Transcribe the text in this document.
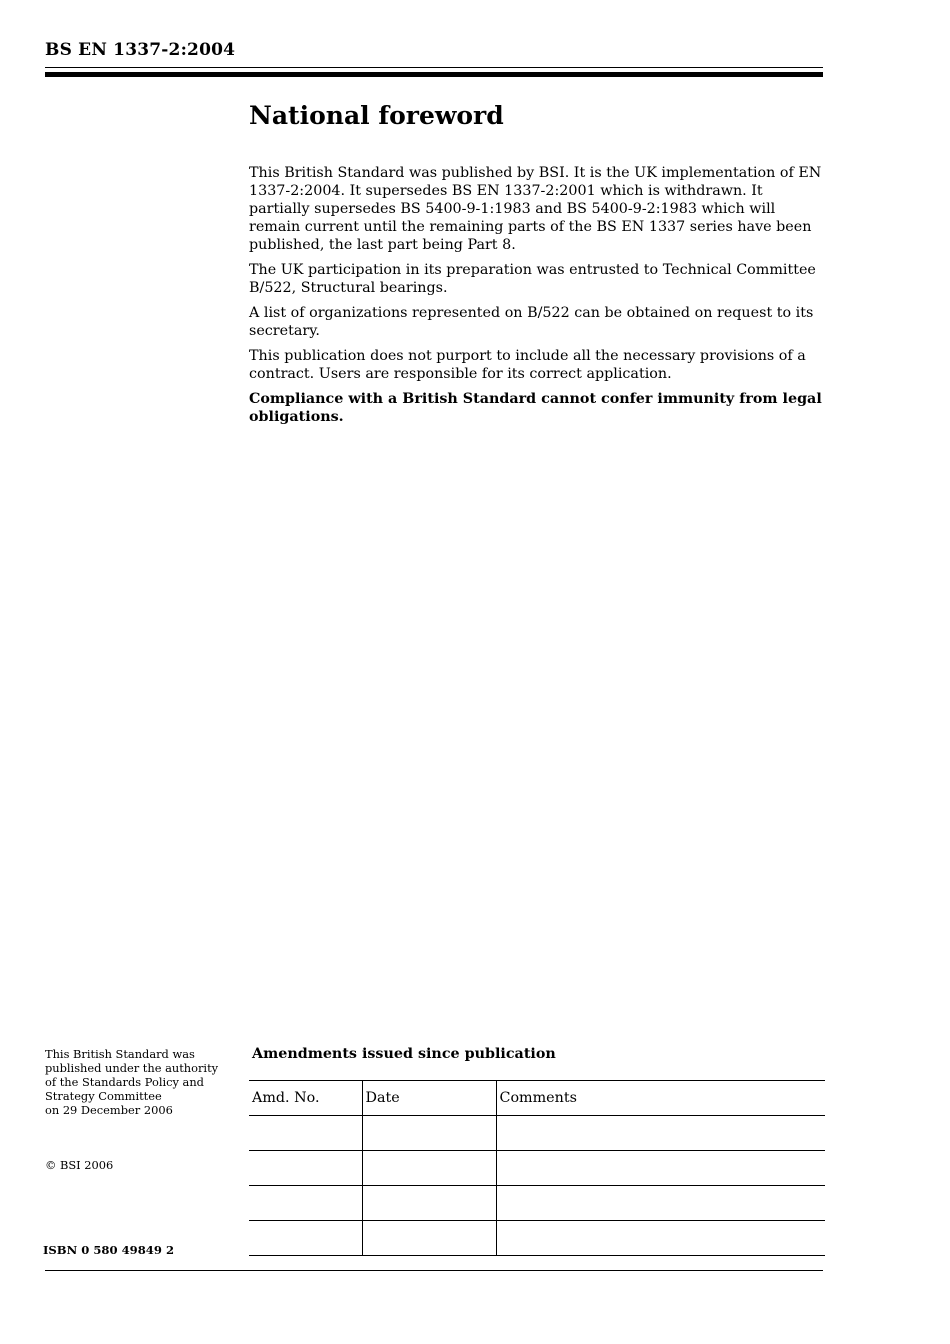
BS EN 1337-2:2004
National foreword

This British Standard was published by BSI. It is the UK implementation of EN 1337-2:2004. It supersedes BS EN 1337-2:2001 which is withdrawn. It partially supersedes BS 5400-9-1:1983 and BS 5400-9-2:1983 which will remain current until the remaining parts of the BS EN 1337 series have been published, the last part being Part 8.

The UK participation in its preparation was entrusted to Technical Committee B/522, Structural bearings.

A list of organizations represented on B/522 can be obtained on request to its secretary.

This publication does not purport to include all the necessary provisions of a contract. Users are responsible for its correct application.

Compliance with a British Standard cannot confer immunity from legal obligations.

This British Standard was
published under the authority
of the Standards Policy and
Strategy Committee
on 29 December 2006
© BSI 2006
ISBN 0 580 49849 2
Amendments issued since publication
Amd. No.	Date	Comments
